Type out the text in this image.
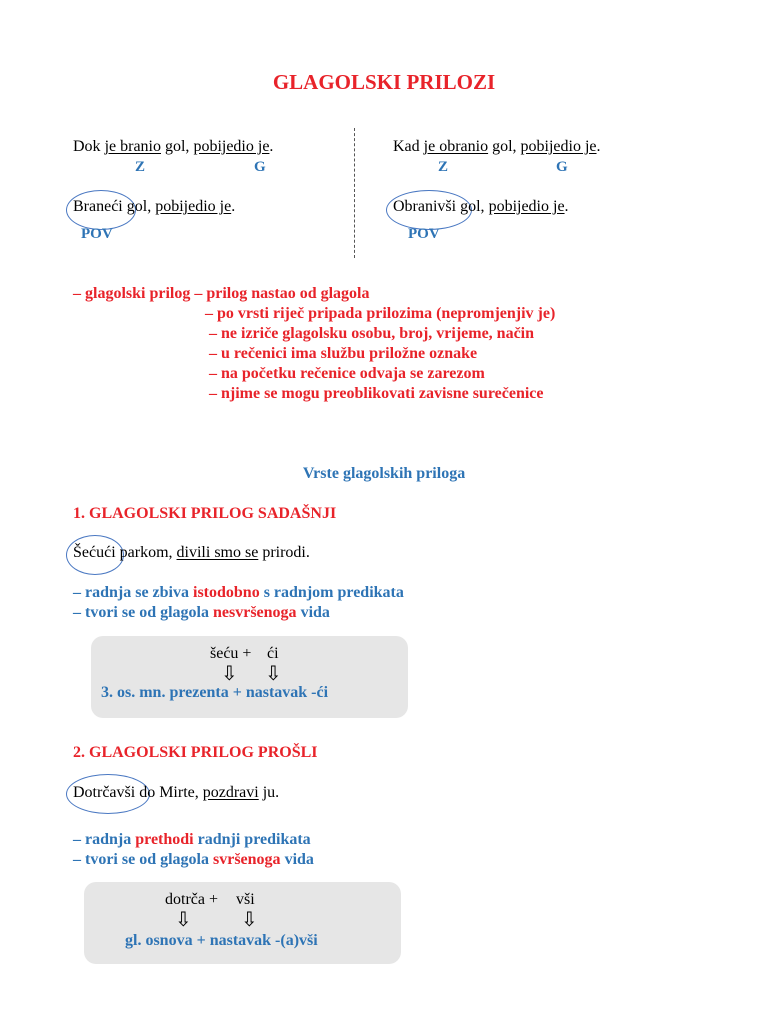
GLAGOLSKI PRILOZI
Dok je branio gol, pobijedio je.
Z	G
Braneći gol, pobijedio je.
POV
Kad je obranio gol, pobijedio je.
Z	G
Obranivši gol, pobijedio je.
POV
– glagolski prilog – prilog nastao od glagola
– po vrsti riječ pripada prilozima (nepromjenjiv je)
– ne izriče glagolsku osobu, broj, vrijeme, način
– u rečenici ima službu priložne oznake
– na početku rečenice odvaja se zarezom
– njime se mogu preoblikovati zavisne surečenice
Vrste glagolskih priloga
1. GLAGOLSKI PRILOG SADAŠNJI
Šećući parkom, divili smo se prirodi.
– radnja se zbiva istodobno s radnjom predikata
– tvori se od glagola nesvršenoga vida
šeću + ći
⇩ ⇩
3. os. mn. prezenta + nastavak -ći
2. GLAGOLSKI PRILOG PROŠLI
Dotrčavši do Mirte, pozdravi ju.
– radnja prethodi radnji predikata
– tvori se od glagola svršenoga vida
dotrča + vši
⇩ ⇩
gl. osnova + nastavak -(a)vši
